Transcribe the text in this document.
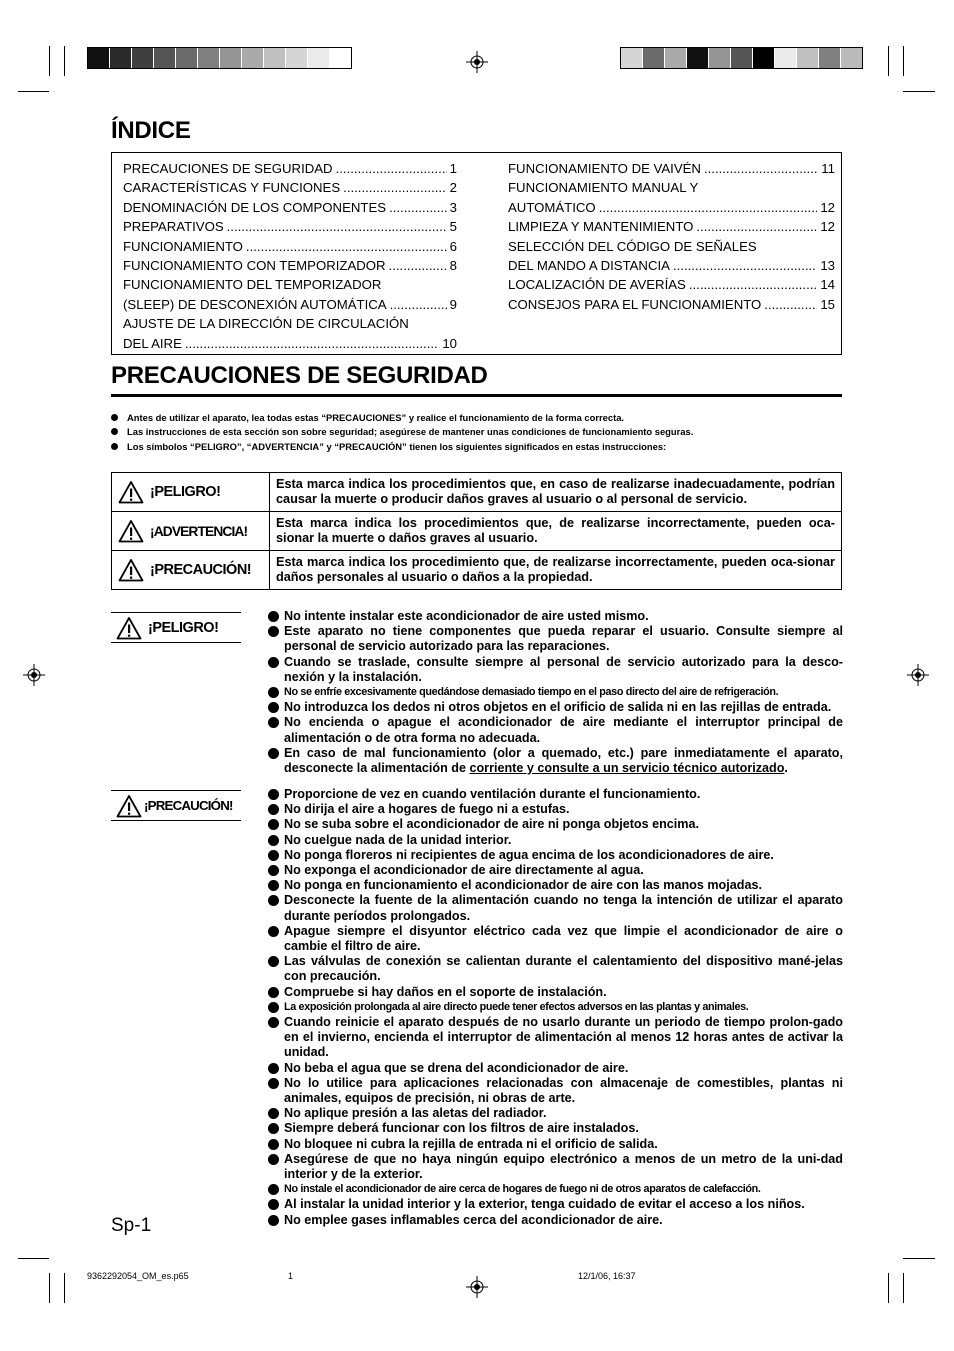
ÍNDICE
PRECAUCIONES DE SEGURIDAD .....	1
CARACTERÍSTICAS Y FUNCIONES .....	2
DENOMINACIÓN DE LOS COMPONENTES .....	3
PREPARATIVOS .....	5
FUNCIONAMIENTO .....	6
FUNCIONAMIENTO CON TEMPORIZADOR .....	8
FUNCIONAMIENTO DEL TEMPORIZADOR
(SLEEP) DE DESCONEXIÓN AUTOMÁTICA .....	9
AJUSTE DE LA DIRECCIÓN DE CIRCULACIÓN
DEL AIRE .....	10
FUNCIONAMIENTO DE VAIVÉN .....	11
FUNCIONAMIENTO MANUAL Y
AUTOMÁTICO .....	12
LIMPIEZA Y MANTENIMIENTO .....	12
SELECCIÓN DEL CÓDIGO DE SEÑALES
DEL MANDO A DISTANCIA .....	13
LOCALIZACIÓN DE AVERÍAS .....	14
CONSEJOS PARA EL FUNCIONAMIENTO .....	15
PRECAUCIONES DE SEGURIDAD
Antes de utilizar el aparato, lea todas estas “PRECAUCIONES” y realice el funcionamiento de la forma correcta.
Las instrucciones de esta sección son sobre seguridad; asegúrese de mantener unas condiciones de funcionamiento seguras.
Los símbolos “PELIGRO”, “ADVERTENCIA” y “PRECAUCIÓN” tienen los siguientes significados en estas instrucciones:
¡PELIGRO!	Esta marca indica los procedimientos que, en caso de realizarse inadecuadamente, podrían causar la muerte o producir daños graves al usuario o al personal de servicio.

¡ADVERTENCIA!	Esta marca indica los procedimientos que, de realizarse incorrectamente, pueden oca-sionar la muerte o daños graves al usuario.

¡PRECAUCIÓN!	Esta marca indica los procedimiento que, de realizarse incorrectamente, pueden oca-sionar daños personales al usuario o daños a la propiedad.
¡PELIGRO!
No intente instalar este acondicionador de aire usted mismo.
Este aparato no tiene componentes que pueda reparar el usuario. Consulte siempre al personal de servicio autorizado para las reparaciones.
Cuando se traslade, consulte siempre al personal de servicio autorizado para la desco-nexión y la instalación.
No se enfríe excesivamente quedándose demasiado tiempo en el paso directo del aire de refrigeración.
No introduzca los dedos ni otros objetos en el orificio de salida ni en las rejillas de entrada.
No encienda o apague el acondicionador de aire mediante el interruptor principal de alimentación o de otra forma no adecuada.
En caso de mal funcionamiento (olor a quemado, etc.) pare inmediatamente el aparato, desconecte la alimentación de corriente y consulte a un servicio técnico autorizado.
¡PRECAUCIÓN!
Proporcione de vez en cuando ventilación durante el funcionamiento.
No dirija el aire a hogares de fuego ni a estufas.
No se suba sobre el acondicionador de aire ni ponga objetos encima.
No cuelgue nada de la unidad interior.
No ponga floreros ni recipientes de agua encima de los acondicionadores de aire.
No exponga el acondicionador de aire directamente al agua.
No ponga en funcionamiento el acondicionador de aire con las manos mojadas.
Desconecte la fuente de la alimentación cuando no tenga la intención de utilizar el aparato durante períodos prolongados.
Apague siempre el disyuntor eléctrico cada vez que limpie el acondicionador de aire o cambie el filtro de aire.
Las válvulas de conexión se calientan durante el calentamiento del dispositivo mané-jelas con precaución.
Compruebe si hay daños en el soporte de instalación.
La exposición prolongada al aire directo puede tener efectos adversos en las plantas y animales.
Cuando reinicie el aparato después de no usarlo durante un periodo de tiempo prolon-gado en el invierno, encienda el interruptor de alimentación al menos 12 horas antes de activar la unidad.
No beba el agua que se drena del acondicionador de aire.
No lo utilice para aplicaciones relacionadas con almacenaje de comestibles, plantas ni animales, equipos de precisión, ni obras de arte.
No aplique presión a las aletas del radiador.
Siempre deberá funcionar con los filtros de aire instalados.
No bloquee ni cubra la rejilla de entrada ni el orificio de salida.
Asegúrese de que no haya ningún equipo electrónico a menos de un metro de la uni-dad interior y de la exterior.
No instale el acondicionador de aire cerca de hogares de fuego ni de otros aparatos de calefacción.
Al instalar la unidad interior y la exterior, tenga cuidado de evitar el acceso a los niños.
No emplee gases inflamables cerca del acondicionador de aire.
Sp-1
9362292054_OM_es.p65	1	12/1/06, 16:37
